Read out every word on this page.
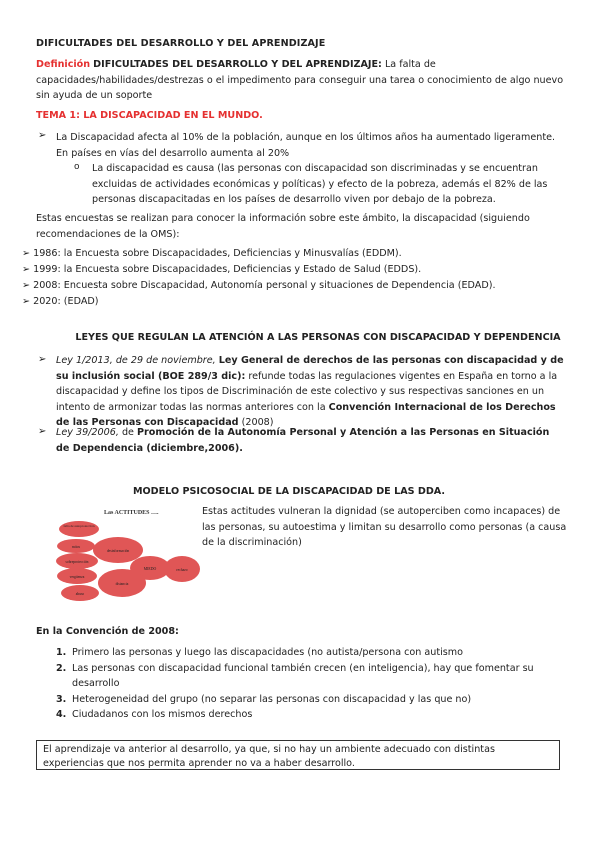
DIFICULTADES DEL DESARROLLO Y DEL APRENDIZAJE
Definición DIFICULTADES DEL DESARROLLO Y DEL APRENDIZAJE: La falta de capacidades/habilidades/destrezas o el impedimento para conseguir una tarea o conocimiento de algo nuevo sin ayuda de un soporte
TEMA 1: LA DISCAPACIDAD EN EL MUNDO.
➢ La Discapacidad afecta al 10% de la población, aunque en los últimos años ha aumentado ligeramente. En países en vías del desarrollo aumenta al 20%
o La discapacidad es causa (las personas con discapacidad son discriminadas y se encuentran excluidas de actividades económicas y políticas) y efecto de la pobreza, además el 82% de las personas discapacitadas en los países de desarrollo viven por debajo de la pobreza.
Estas encuestas se realizan para conocer la información sobre este ámbito, la discapacidad (siguiendo recomendaciones de la OMS):
➢ 1986: la Encuesta sobre Discapacidades, Deficiencias y Minusvalías (EDDM).
➢ 1999: la Encuesta sobre Discapacidades, Deficiencias y Estado de Salud (EDDS).
➢ 2008: Encuesta sobre Discapacidad, Autonomía personal y situaciones de Dependencia (EDAD).
➢ 2020: (EDAD)
LEYES QUE REGULAN LA ATENCIÓN A LAS PERSONAS CON DISCAPACIDAD Y DEPENDENCIA
➢ Ley 1/2013, de 29 de noviembre, Ley General de derechos de las personas con discapacidad y de su inclusión social (BOE 289/3 dic): refunde todas las regulaciones vigentes en España en torno a la discapacidad y define los tipos de Discriminación de este colectivo y sus respectivas sanciones en un intento de armonizar todas las normas anteriores con la Convención Internacional de los Derechos de las Personas con Discapacidad (2008)
➢ Ley 39/2006, de Promoción de la Autonomía Personal y Atención a las Personas en Situación de Dependencia (diciembre,2006).
MODELO PSICOSOCIAL DE LA DISCAPACIDAD DE LAS DDA.
Las ACTITUDES ….
falta de autoprotección
mitos
sobreprotección
desinformación
vergüenza
MIEDO	rechazo
distancia
abuso
Estas actitudes vulneran la dignidad (se autoperciben como incapaces) de las personas, su autoestima y limitan su desarrollo como personas (a causa de la discriminación)
En la Convención de 2008:
1. Primero las personas y luego las discapacidades (no autista/persona con autismo
2. Las personas con discapacidad funcional también crecen (en inteligencia), hay que fomentar su desarrollo
3. Heterogeneidad del grupo (no separar las personas con discapacidad y las que no)
4. Ciudadanos con los mismos derechos
El aprendizaje va anterior al desarrollo, ya que, si no hay un ambiente adecuado con distintas experiencias que nos permita aprender no va a haber desarrollo.
